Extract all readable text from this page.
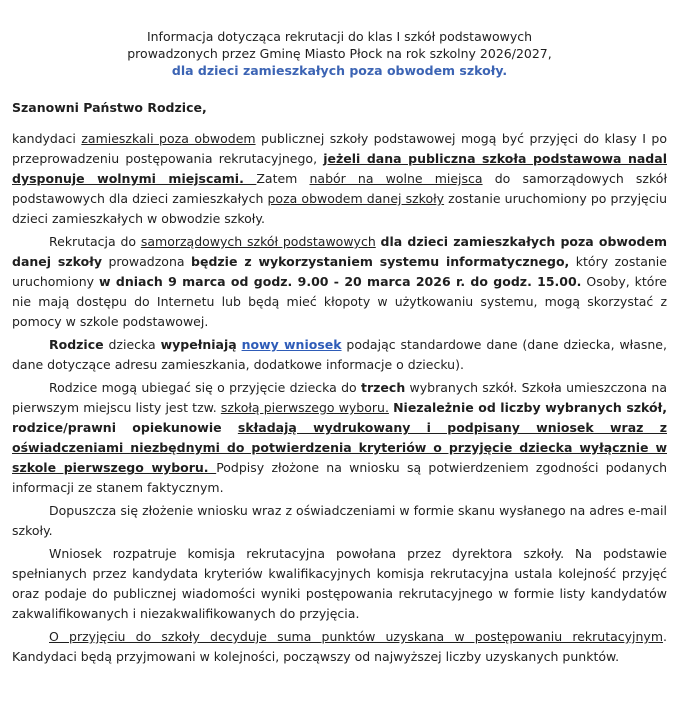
Informacja dotycząca rekrutacji do klas I szkół podstawowych
prowadzonych przez Gminę Miasto Płock na rok szkolny 2026/2027,
dla dzieci zamieszkałych poza obwodem szkoły.
Szanowni Państwo Rodzice,

kandydaci zamieszkali poza obwodem publicznej szkoły podstawowej mogą być przyjęci do klasy I po przeprowadzeniu postępowania rekrutacyjnego, jeżeli dana publiczna szkoła podstawowa nadal dysponuje wolnymi miejscami. Zatem nabór na wolne miejsca do samorządowych szkół podstawowych dla dzieci zamieszkałych poza obwodem danej szkoły zostanie uruchomiony po przyjęciu dzieci zamieszkałych w obwodzie szkoły.

Rekrutacja do samorządowych szkół podstawowych dla dzieci zamieszkałych poza obwodem danej szkoły prowadzona będzie z wykorzystaniem systemu informatycznego, który zostanie uruchomiony w dniach 9 marca od godz. 9.00 - 20 marca 2026 r. do godz. 15.00. Osoby, które nie mają dostępu do Internetu lub będą mieć kłopoty w użytkowaniu systemu, mogą skorzystać z pomocy w szkole podstawowej.

Rodzice dziecka wypełniają nowy wniosek podając standardowe dane (dane dziecka, własne, dane dotyczące adresu zamieszkania, dodatkowe informacje o dziecku).

Rodzice mogą ubiegać się o przyjęcie dziecka do trzech wybranych szkół. Szkoła umieszczona na pierwszym miejscu listy jest tzw. szkołą pierwszego wyboru. Niezależnie od liczby wybranych szkół, rodzice/prawni opiekunowie składają wydrukowany i podpisany wniosek wraz z oświadczeniami niezbędnymi do potwierdzenia kryteriów o przyjęcie dziecka wyłącznie w szkole pierwszego wyboru. Podpisy złożone na wniosku są potwierdzeniem zgodności podanych informacji ze stanem faktycznym.

Dopuszcza się złożenie wniosku wraz z oświadczeniami w formie skanu wysłanego na adres e-mail szkoły.

Wniosek rozpatruje komisja rekrutacyjna powołana przez dyrektora szkoły. Na podstawie spełnianych przez kandydata kryteriów kwalifikacyjnych komisja rekrutacyjna ustala kolejność przyjęć oraz podaje do publicznej wiadomości wyniki postępowania rekrutacyjnego w formie listy kandydatów zakwalifikowanych i niezakwalifikowanych do przyjęcia.

O przyjęciu do szkoły decyduje suma punktów uzyskana w postępowaniu rekrutacyjnym. Kandydaci będą przyjmowani w kolejności, począwszy od najwyższej liczby uzyskanych punktów.
